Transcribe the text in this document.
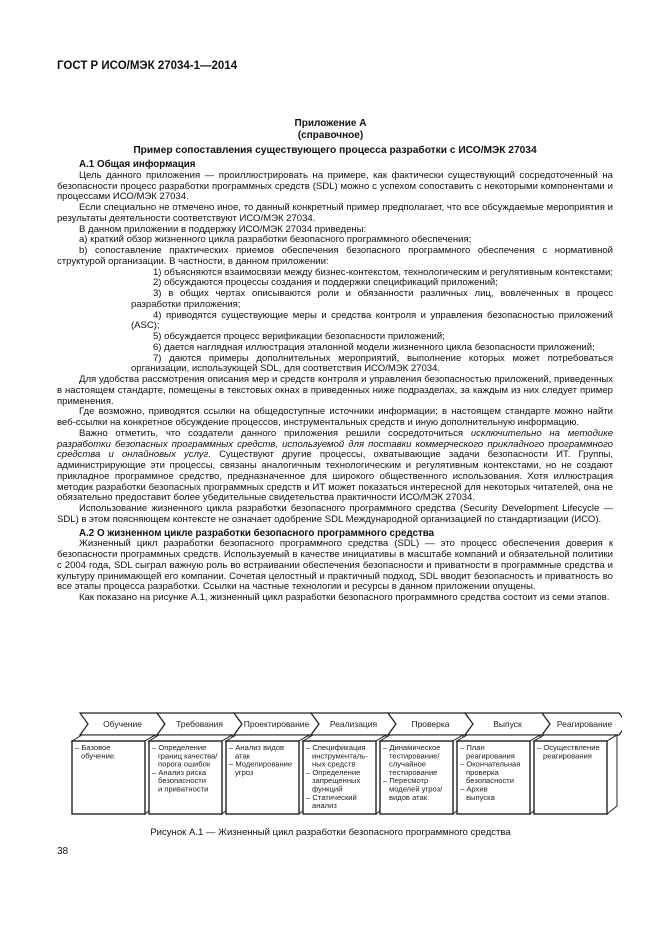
ГОСТ Р ИСО/МЭК 27034-1—2014
Приложение А
(справочное)
Пример сопоставления существующего процесса разработки с ИСО/МЭК 27034
А.1 Общая информация

Цель данного приложения — проиллюстрировать на примере, как фактически существующий сосредоточенный на безопасности процесс разработки программных средств (SDL) можно с успехом сопоставить с некоторыми компонентами и процессами ИСО/МЭК 27034.

Если специально не отмечено иное, то данный конкретный пример предполагает, что все обсуждаемые мероприятия и результаты деятельности соответствуют ИСО/МЭК 27034.

В данном приложении в поддержку ИСО/МЭК 27034 приведены:

а) краткий обзор жизненного цикла разработки безопасного программного обеспечения;

b) сопоставление практических приемов обеспечения безопасного программного обеспечения с нормативной структурой организации. В частности, в данном приложении:

1) объясняются взаимосвязи между бизнес-контекстом, технологическим и регулятивным контекстами;

2) обсуждаются процессы создания и поддержки спецификаций приложений;

3) в общих чертах описываются роли и обязанности различных лиц, вовлеченных в процесс разработки приложения;

4) приводятся существующие меры и средства контроля и управления безопасностью приложений (ASC);

5) обсуждается процесс верификации безопасности приложений;

6) дается наглядная иллюстрация эталонной модели жизненного цикла безопасности приложений;

7) даются примеры дополнительных мероприятий, выполнение которых может потребоваться организации, использующей SDL, для соответствия ИСО/МЭК 27034.

Для удобства рассмотрения описания мер и средств контроля и управления безопасностью приложений, приведенных в настоящем стандарте, помещены в текстовых окнах в приведенных ниже подразделах, за каждым из них следует пример применения.

Где возможно, приводятся ссылки на общедоступные источники информации; в настоящем стандарте можно найти веб-ссылки на конкретное обсуждение процессов, инструментальных средств и иную дополнительную информацию.

Важно отметить, что создатели данного приложения решили сосредоточиться исключительно на методике разработки безопасных программных средств, используемой для поставки коммерческого прикладного программного средства и онлайновых услуг. Существуют другие процессы, охватывающие задачи безопасности ИТ. Группы, администрирующие эти процессы, связаны аналогичным технологическим и регулятивным контекстами, но не создают прикладное программное средство, предназначенное для широкого общественного использования. Хотя иллюстрация методик разработки безопасных программных средств и ИТ может показаться интересной для некоторых читателей, она не обязательно предоставит более убедительные свидетельства практичности ИСО/МЭК 27034.

Использование жизненного цикла разработки безопасного программного средства (Security Development Lifecycle — SDL) в этом поясняющем контексте не означает одобрение SDL Международной организацией по стандартизации (ИСО).

А.2 О жизненном цикле разработки безопасного программного средства

Жизненный цикл разработки безопасного программного средства (SDL) — это процесс обеспечения доверия к безопасности программных средств. Используемый в качестве инициативы в масштабе компаний и обязательной политики с 2004 года, SDL сыграл важную роль во встраивании обеспечения безопасности и приватности в программные средства и культуру принимающей его компании. Сочетая целостный и практичный подход, SDL вводит безопасность и приватность во все этапы процесса разработки. Ссылки на частные технологии и ресурсы в данном приложении опущены.

Как показано на рисунке А.1, жизненный цикл разработки безопасного программного средства состоит из семи этапов.

Обучение
– Базовое
обучение.
Требования
– Определение
границ качества/
порога ошибок
– Анализ риска
безопасности
и приватности
Проектирование
– Анализ видов
атак
– Моделирование
угроз
Реализация
– Спецификация
инструменталь-
ных средств
– Определение
запрещенных
функций
– Статический
анализ
Проверка
– Динамическое
тестирование/
случайное
тестирование
– Пересмотр
моделей угроз/
видов атак
Выпуск
– План
реагирования
– Окончательная
проверка
безопасности
– Архив
выпуска
Реагирование
– Осуществление
реагирования
Рисунок А.1 — Жизненный цикл разработки безопасного программного средства
38
